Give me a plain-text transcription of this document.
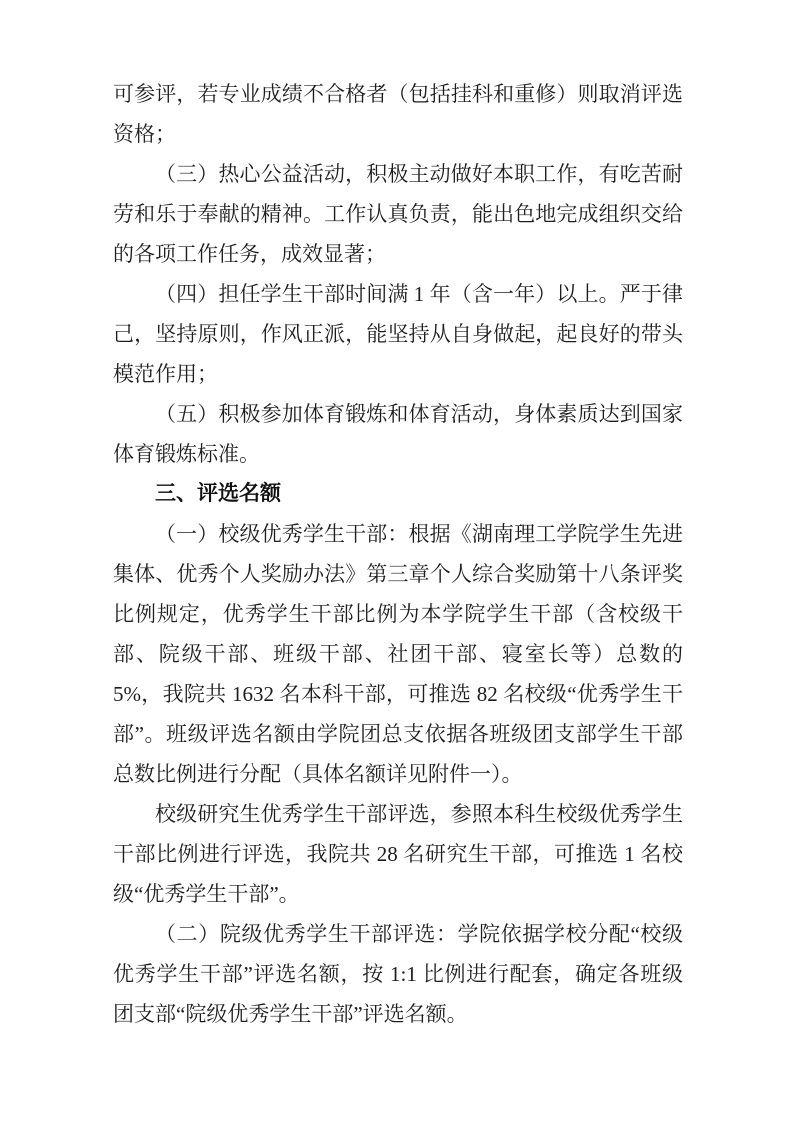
可参评，若专业成绩不合格者（包括挂科和重修）则取消评选资格；

（三）热心公益活动，积极主动做好本职工作，有吃苦耐劳和乐于奉献的精神。工作认真负责，能出色地完成组织交给的各项工作任务，成效显著；

（四）担任学生干部时间满 1 年（含一年）以上。严于律己，坚持原则，作风正派，能坚持从自身做起，起良好的带头模范作用；

（五）积极参加体育锻炼和体育活动，身体素质达到国家体育锻炼标准。

三、评选名额

（一）校级优秀学生干部：根据《湖南理工学院学生先进集体、优秀个人奖励办法》第三章个人综合奖励第十八条评奖比例规定，优秀学生干部比例为本学院学生干部（含校级干部、院级干部、班级干部、社团干部、寝室长等）总数的 5%，我院共 1632 名本科干部，可推选 82 名校级“优秀学生干部”。班级评选名额由学院团总支依据各班级团支部学生干部总数比例进行分配（具体名额详见附件一）。

校级研究生优秀学生干部评选，参照本科生校级优秀学生干部比例进行评选，我院共 28 名研究生干部，可推选 1 名校级“优秀学生干部”。

（二）院级优秀学生干部评选：学院依据学校分配“校级优秀学生干部”评选名额，按 1:1 比例进行配套，确定各班级团支部“院级优秀学生干部”评选名额。
